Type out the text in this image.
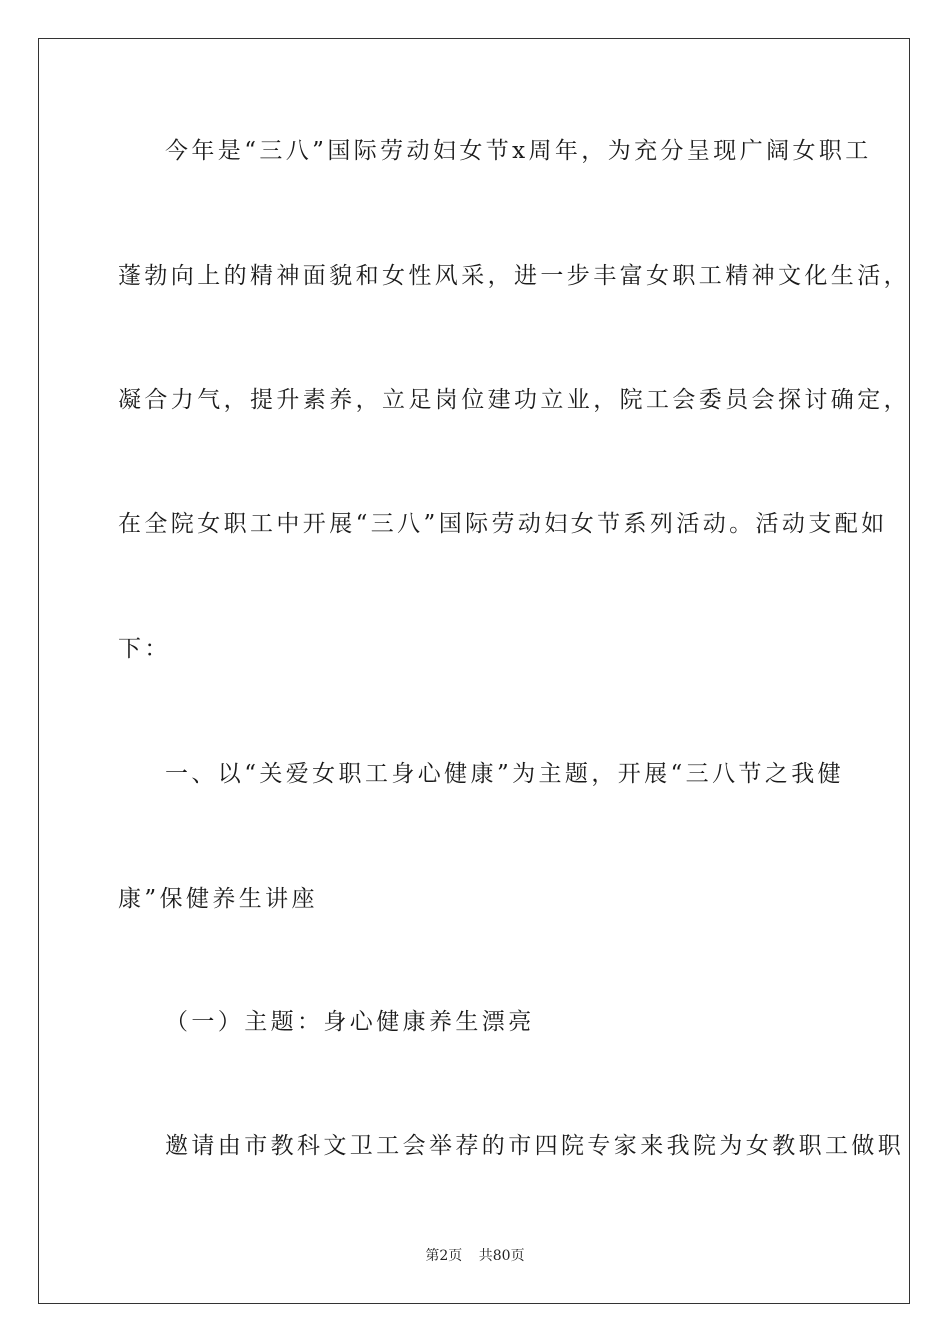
今年是“三八”国际劳动妇女节x周年，为充分呈现广阔女职工
蓬勃向上的精神面貌和女性风采，进一步丰富女职工精神文化生活，
凝合力气，提升素养，立足岗位建功立业，院工会委员会探讨确定，
在全院女职工中开展“三八”国际劳动妇女节系列活动。活动支配如
下：
一、以“关爱女职工身心健康”为主题，开展“三八节之我健
康”保健养生讲座
（一）主题：身心健康养生漂亮
邀请由市教科文卫工会举荐的市四院专家来我院为女教职工做职
第2页 共80页
